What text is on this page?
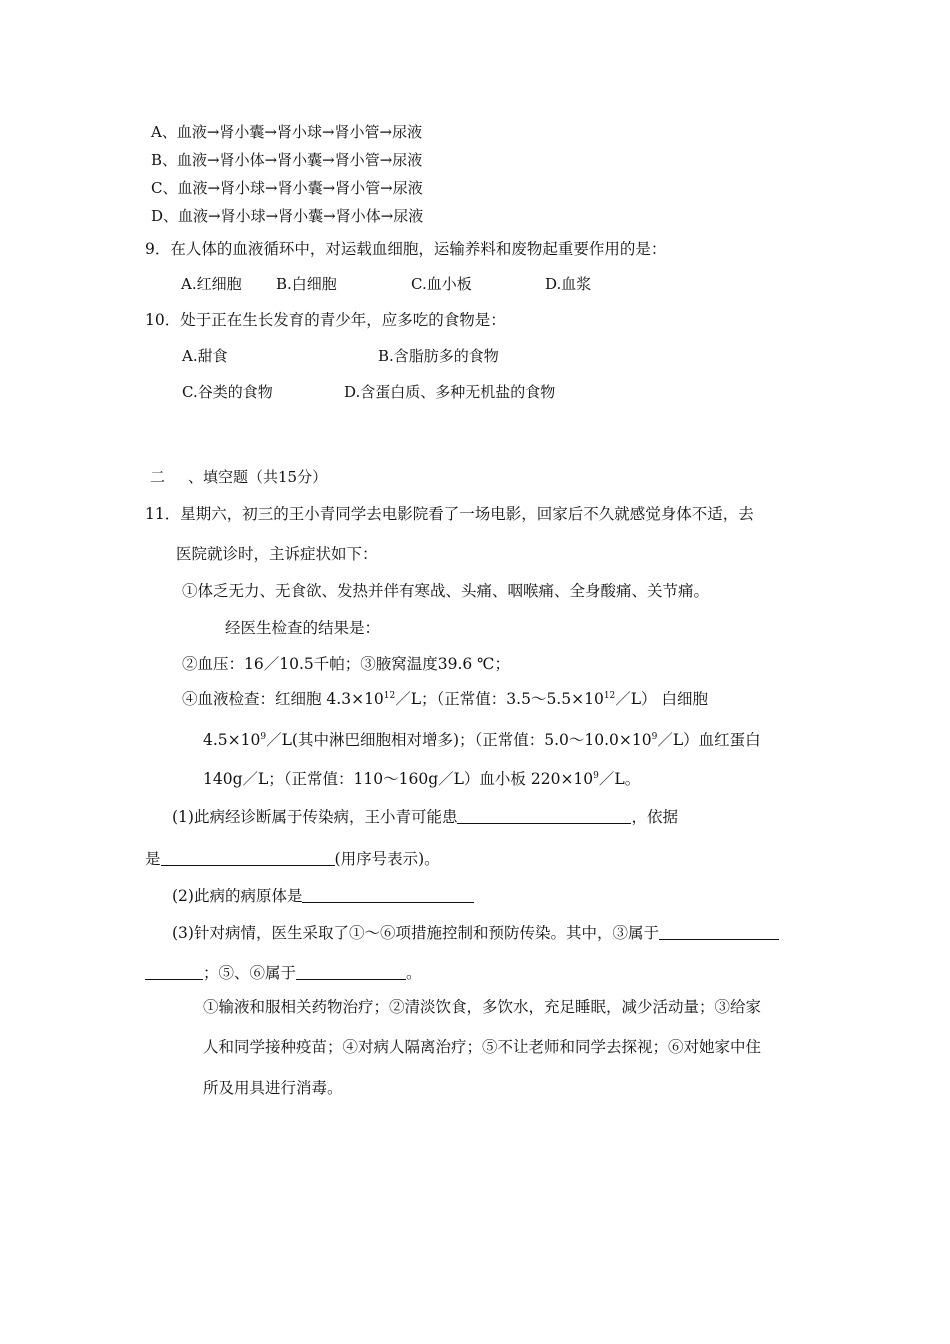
A、血液→肾小囊→肾小球→肾小管→尿液
B、血液→肾小体→肾小囊→肾小管→尿液
C、血液→肾小球→肾小囊→肾小管→尿液
D、血液→肾小球→肾小囊→肾小体→尿液
9．在人体的血液循环中，对运载血细胞，运输养料和废物起重要作用的是：
A.红细胞 B.白细胞	C.血小板	D.血浆
10．处于正在生长发育的青少年，应多吃的食物是：
A.甜食	B.含脂肪多的食物
C.谷类的食物	D.含蛋白质、多种无机盐的食物
二 、填空题（共15分）
11．星期六，初三的王小青同学去电影院看了一场电影，回家后不久就感觉身体不适，去
医院就诊时，主诉症状如下：
①体乏无力、无食欲、发热并伴有寒战、头痛、咽喉痛、全身酸痛、关节痛。
经医生检查的结果是：
②血压：16／10.5千帕；③腋窝温度39.6 ℃；
④血液检查：红细胞 $4.3\times 10^{12}/L$；（正常值：$3.5\sim 5.5\times 10^{12}/L$） 白细胞
$4.5\times 10^9/L$(其中淋巴细胞相对增多)；（正常值：$5.0\sim 10.0\times 10^9/L$）血红蛋白
140g／L；（正常值：110～160g／L）血小板 $220\times 10^9/L$。
(1)此病经诊断属于传染病，王小青可能患	，依据
是	(用序号表示)。
(2)此病的病原体是
(3)针对病情，医生采取了①～⑥项措施控制和预防传染。其中，③属于
；⑤、⑥属于	。
①输液和服相关药物治疗；②清淡饮食，多饮水，充足睡眠，减少活动量；③给家
人和同学接种疫苗；④对病人隔离治疗；⑤不让老师和同学去探视；⑥对她家中住
所及用具进行消毒。
